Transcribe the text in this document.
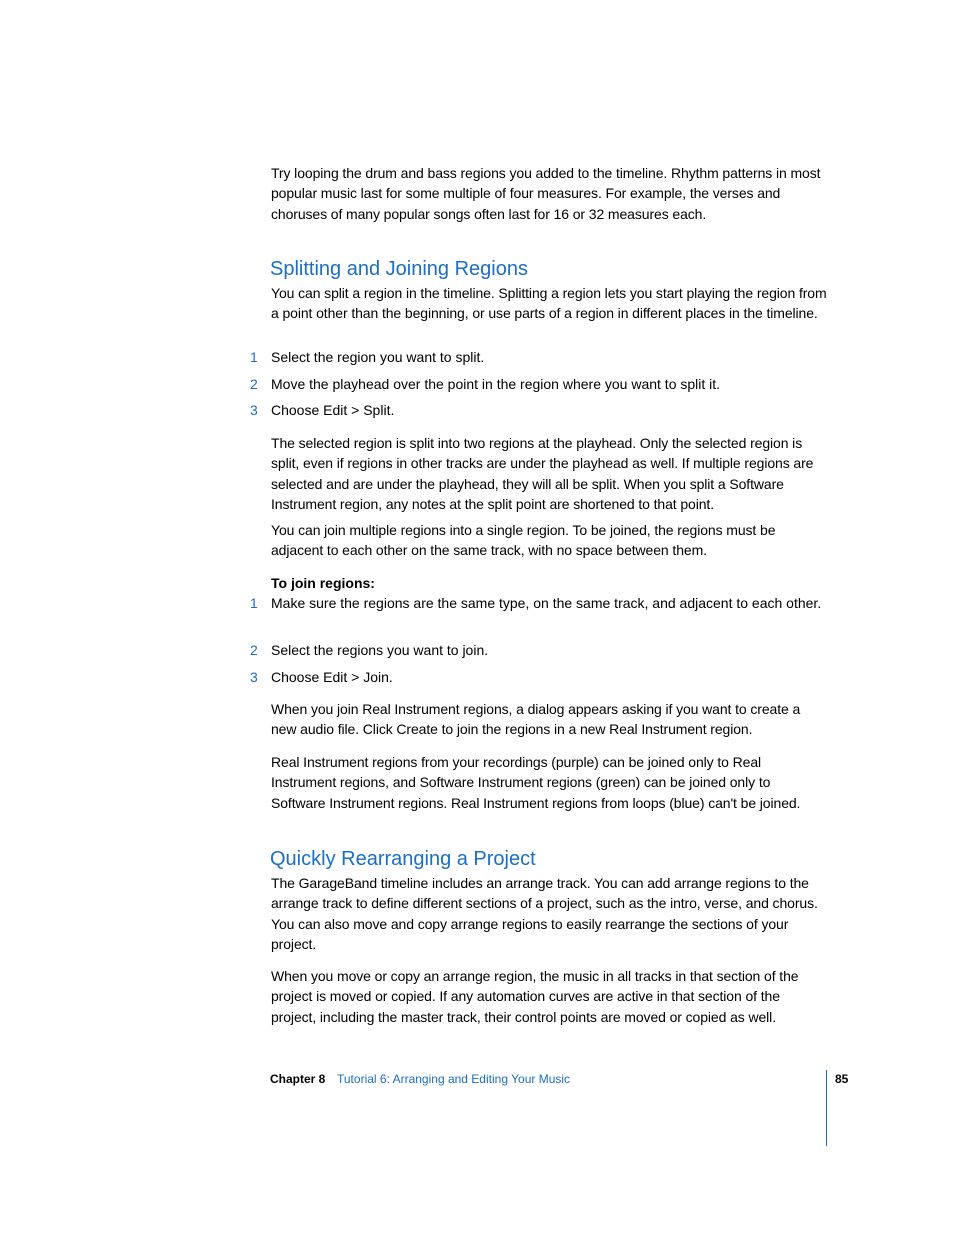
Try looping the drum and bass regions you added to the timeline. Rhythm patterns in most popular music last for some multiple of four measures. For example, the verses and choruses of many popular songs often last for 16 or 32 measures each.

Splitting and Joining Regions

You can split a region in the timeline. Splitting a region lets you start playing the region from a point other than the beginning, or use parts of a region in different places in the timeline.

1 Select the region you want to split.
2 Move the playhead over the point in the region where you want to split it.
3 Choose Edit > Split.

The selected region is split into two regions at the playhead. Only the selected region is split, even if regions in other tracks are under the playhead as well. If multiple regions are selected and are under the playhead, they will all be split. When you split a Software Instrument region, any notes at the split point are shortened to that point.

You can join multiple regions into a single region. To be joined, the regions must be adjacent to each other on the same track, with no space between them.

To join regions:
1 Make sure the regions are the same type, on the same track, and adjacent to each other.
2 Select the regions you want to join.
3 Choose Edit > Join.

When you join Real Instrument regions, a dialog appears asking if you want to create a new audio file. Click Create to join the regions in a new Real Instrument region.

Real Instrument regions from your recordings (purple) can be joined only to Real Instrument regions, and Software Instrument regions (green) can be joined only to Software Instrument regions. Real Instrument regions from loops (blue) can't be joined.

Quickly Rearranging a Project

The GarageBand timeline includes an arrange track. You can add arrange regions to the arrange track to define different sections of a project, such as the intro, verse, and chorus. You can also move and copy arrange regions to easily rearrange the sections of your project.

When you move or copy an arrange region, the music in all tracks in that section of the project is moved or copied. If any automation curves are active in that section of the project, including the master track, their control points are moved or copied as well.

Chapter 8 Tutorial 6: Arranging and Editing Your Music	85
